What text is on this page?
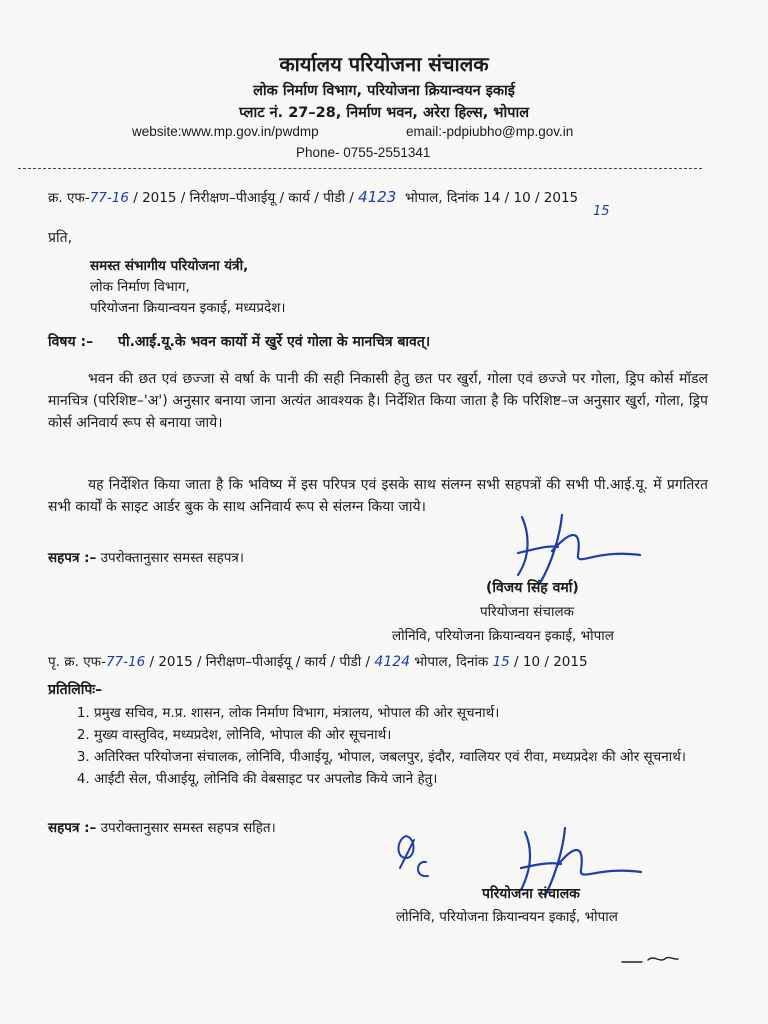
कार्यालय परियोजना संचालक
लोक निर्माण विभाग, परियोजना क्रियान्वयन इकाई
प्लाट नं. 27–28, निर्माण भवन, अरेरा हिल्स, भोपाल
website:www.mp.gov.in/pwdmp	email:-pdpiubho@mp.gov.in
Phone- 0755-2551341
क्र. एफ-77-16 / 2015 / निरीक्षण–पीआईयू / कार्य / पीडी / 4123 भोपाल, दिनांक 14 / 10 / 2015
15
प्रति,
समस्त संभागीय परियोजना यंत्री,
लोक निर्माण विभाग,
परियोजना क्रियान्वयन इकाई, मध्यप्रदेश।
विषय :– पी.आई.यू.के भवन कार्यो में खुर्रे एवं गोला के मानचित्र बावत्।
भवन की छत एवं छज्जा से वर्षा के पानी की सही निकासी हेतु छत पर खुर्रा, गोला एवं छज्जे पर गोला, ड्रिप कोर्स मॉडल मानचित्र (परिशिष्ट–'अ') अनुसार बनाया जाना अत्यंत आवश्यक है। निर्देशित किया जाता है कि परिशिष्ट–ज अनुसार खुर्रा, गोला, ड्रिप कोर्स अनिवार्य रूप से बनाया जाये।
यह निर्देशित किया जाता है कि भविष्य में इस परिपत्र एवं इसके साथ संलग्न सभी सहपत्रों की सभी पी.आई.यू. में प्रगतिरत सभी कार्यों के साइट आर्डर बुक के साथ अनिवार्य रूप से संलग्न किया जाये।
सहपत्र :– उपरोक्तानुसार समस्त सहपत्र।
(विजय सिंह वर्मा)
परियोजना संचालक
लोनिवि, परियोजना क्रियान्वयन इकाई, भोपाल
पृ. क्र. एफ-77-16 / 2015 / निरीक्षण–पीआईयू / कार्य / पीडी / 4124 भोपाल, दिनांक 15 / 10 / 2015
प्रतिलिपिः–
1. प्रमुख सचिव, म.प्र. शासन, लोक निर्माण विभाग, मंत्रालय, भोपाल की ओर सूचनार्थ।
2. मुख्य वास्तुविद, मध्यप्रदेश, लोनिवि, भोपाल की ओर सूचनार्थ।
3. अतिरिक्त परियोजना संचालक, लोनिवि, पीआईयू, भोपाल, जबलपुर, इंदौर, ग्वालियर एवं रीवा, मध्यप्रदेश की ओर सूचनार्थ।
4. आईटी सेल, पीआईयू, लोनिवि की वेबसाइट पर अपलोड किये जाने हेतु।
सहपत्र :– उपरोक्तानुसार समस्त सहपत्र सहित।
परियोजना संचालक
लोनिवि, परियोजना क्रियान्वयन इकाई, भोपाल
